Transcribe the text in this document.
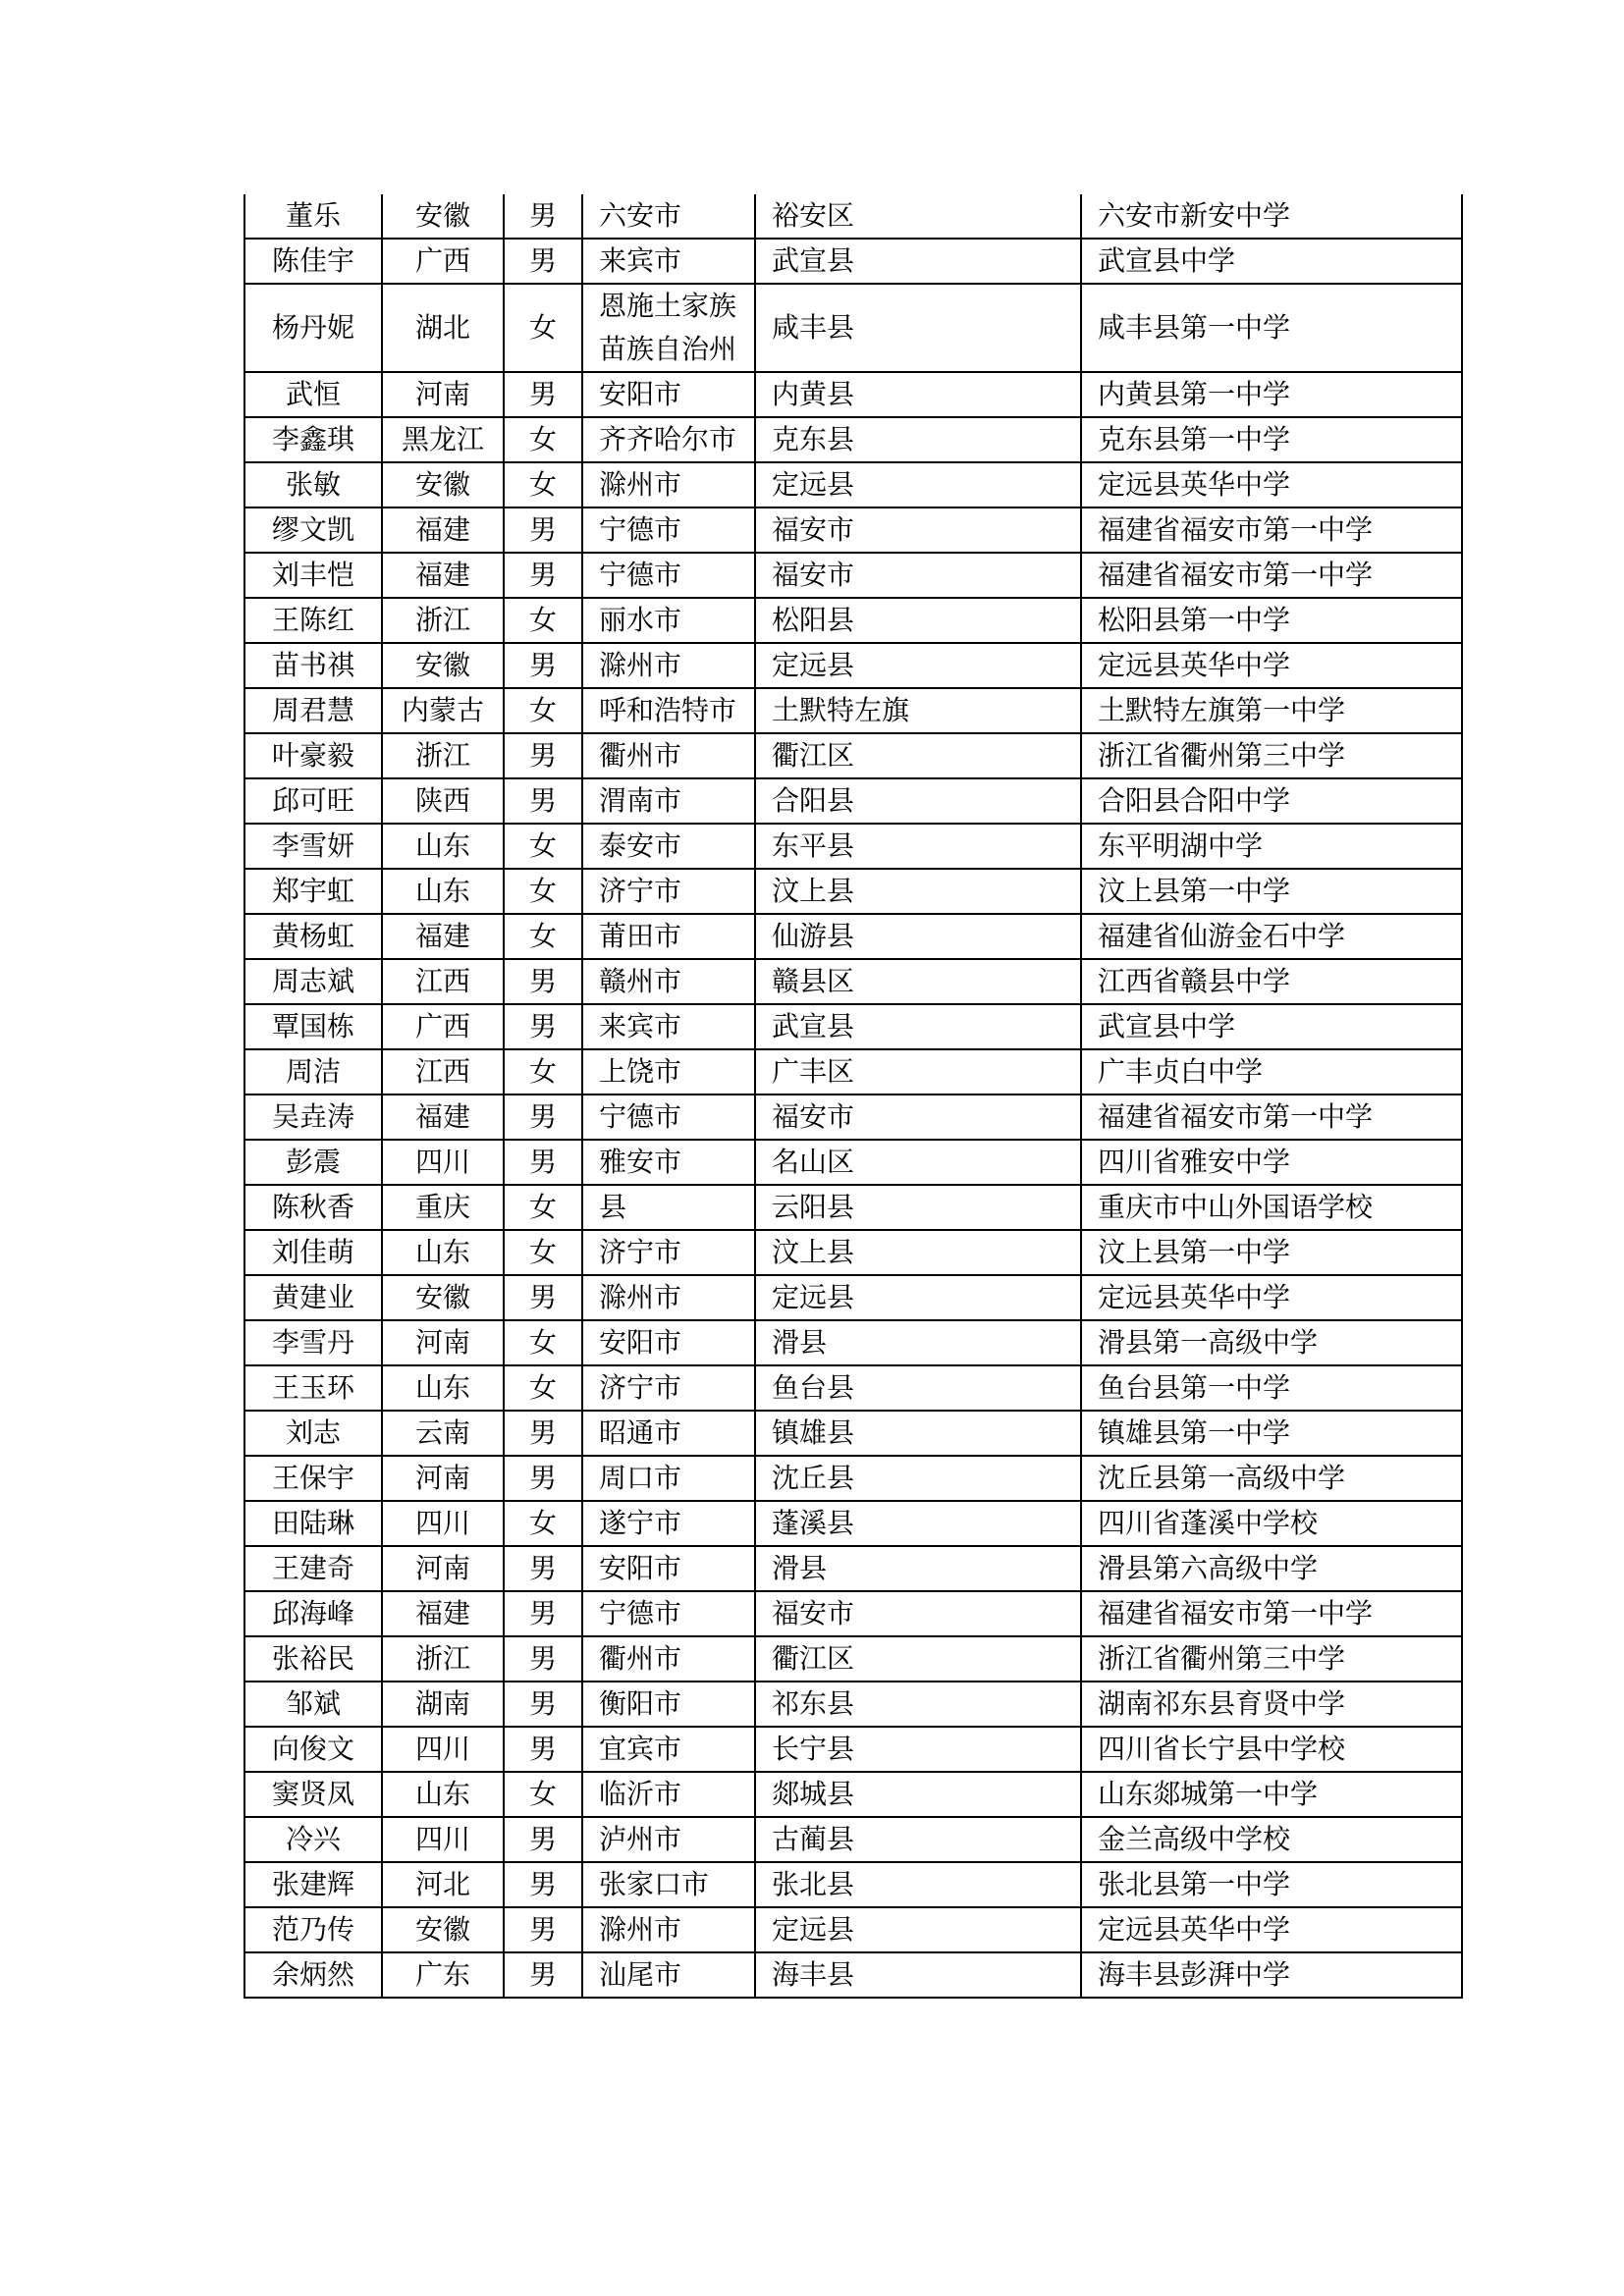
董乐	安徽	男	六安市	裕安区	六安市新安中学
陈佳宇	广西	男	来宾市	武宣县	武宣县中学
杨丹妮	湖北	女	恩施土家族苗族自治州	咸丰县	咸丰县第一中学
武恒	河南	男	安阳市	内黄县	内黄县第一中学
李鑫琪	黑龙江	女	齐齐哈尔市	克东县	克东县第一中学
张敏	安徽	女	滁州市	定远县	定远县英华中学
缪文凯	福建	男	宁德市	福安市	福建省福安市第一中学
刘丰恺	福建	男	宁德市	福安市	福建省福安市第一中学
王陈红	浙江	女	丽水市	松阳县	松阳县第一中学
苗书祺	安徽	男	滁州市	定远县	定远县英华中学
周君慧	内蒙古	女	呼和浩特市	土默特左旗	土默特左旗第一中学
叶豪毅	浙江	男	衢州市	衢江区	浙江省衢州第三中学
邱可旺	陕西	男	渭南市	合阳县	合阳县合阳中学
李雪妍	山东	女	泰安市	东平县	东平明湖中学
郑宇虹	山东	女	济宁市	汶上县	汶上县第一中学
黄杨虹	福建	女	莆田市	仙游县	福建省仙游金石中学
周志斌	江西	男	赣州市	赣县区	江西省赣县中学
覃国栋	广西	男	来宾市	武宣县	武宣县中学
周洁	江西	女	上饶市	广丰区	广丰贞白中学
吴垚涛	福建	男	宁德市	福安市	福建省福安市第一中学
彭震	四川	男	雅安市	名山区	四川省雅安中学
陈秋香	重庆	女	县	云阳县	重庆市中山外国语学校
刘佳萌	山东	女	济宁市	汶上县	汶上县第一中学
黄建业	安徽	男	滁州市	定远县	定远县英华中学
李雪丹	河南	女	安阳市	滑县	滑县第一高级中学
王玉环	山东	女	济宁市	鱼台县	鱼台县第一中学
刘志	云南	男	昭通市	镇雄县	镇雄县第一中学
王保宇	河南	男	周口市	沈丘县	沈丘县第一高级中学
田陆琳	四川	女	遂宁市	蓬溪县	四川省蓬溪中学校
王建奇	河南	男	安阳市	滑县	滑县第六高级中学
邱海峰	福建	男	宁德市	福安市	福建省福安市第一中学
张裕民	浙江	男	衢州市	衢江区	浙江省衢州第三中学
邹斌	湖南	男	衡阳市	祁东县	湖南祁东县育贤中学
向俊文	四川	男	宜宾市	长宁县	四川省长宁县中学校
窦贤凤	山东	女	临沂市	郯城县	山东郯城第一中学
冷兴	四川	男	泸州市	古蔺县	金兰高级中学校
张建辉	河北	男	张家口市	张北县	张北县第一中学
范乃传	安徽	男	滁州市	定远县	定远县英华中学
余炳然	广东	男	汕尾市	海丰县	海丰县彭湃中学
